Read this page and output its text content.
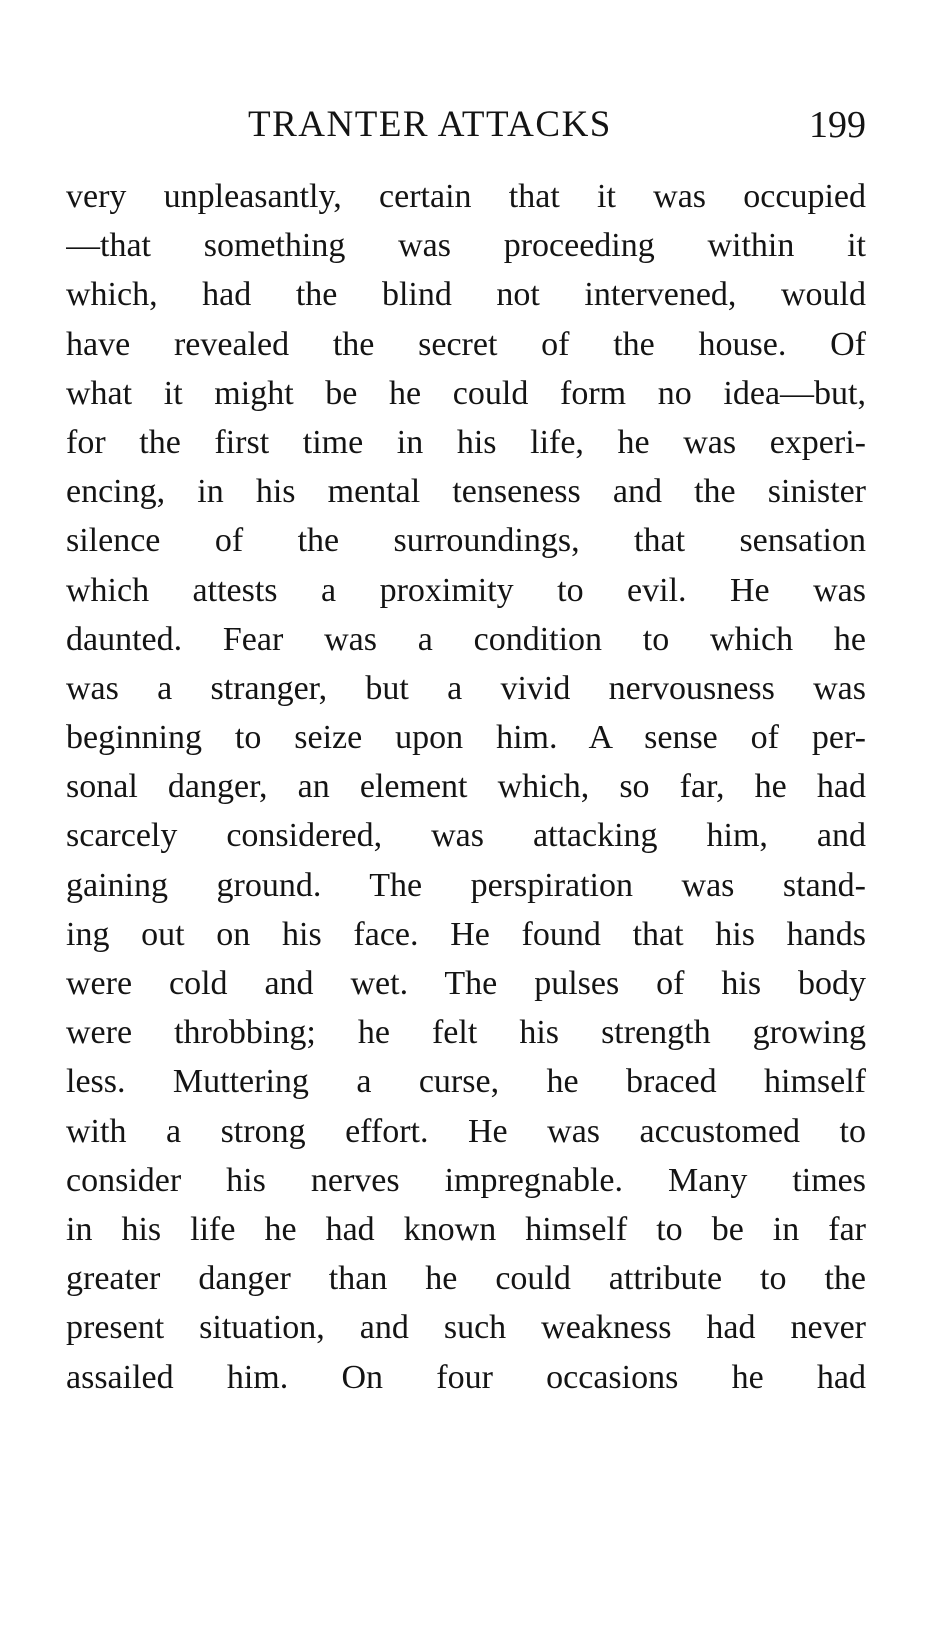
TRANTER ATTACKS	199
very unpleasantly, certain that it was occupied
—that something was proceeding within it
which, had the blind not intervened, would
have revealed the secret of the house. Of
what it might be he could form no idea—but,
for the first time in his life, he was experi-
encing, in his mental tenseness and the sinister
silence of the surroundings, that sensation
which attests a proximity to evil. He was
daunted. Fear was a condition to which he
was a stranger, but a vivid nervousness was
beginning to seize upon him. A sense of per-
sonal danger, an element which, so far, he had
scarcely considered, was attacking him, and
gaining ground. The perspiration was stand-
ing out on his face. He found that his hands
were cold and wet. The pulses of his body
were throbbing; he felt his strength growing
less. Muttering a curse, he braced himself
with a strong effort. He was accustomed to
consider his nerves impregnable. Many times
in his life he had known himself to be in far
greater danger than he could attribute to the
present situation, and such weakness had never
assailed him. On four occasions he had
